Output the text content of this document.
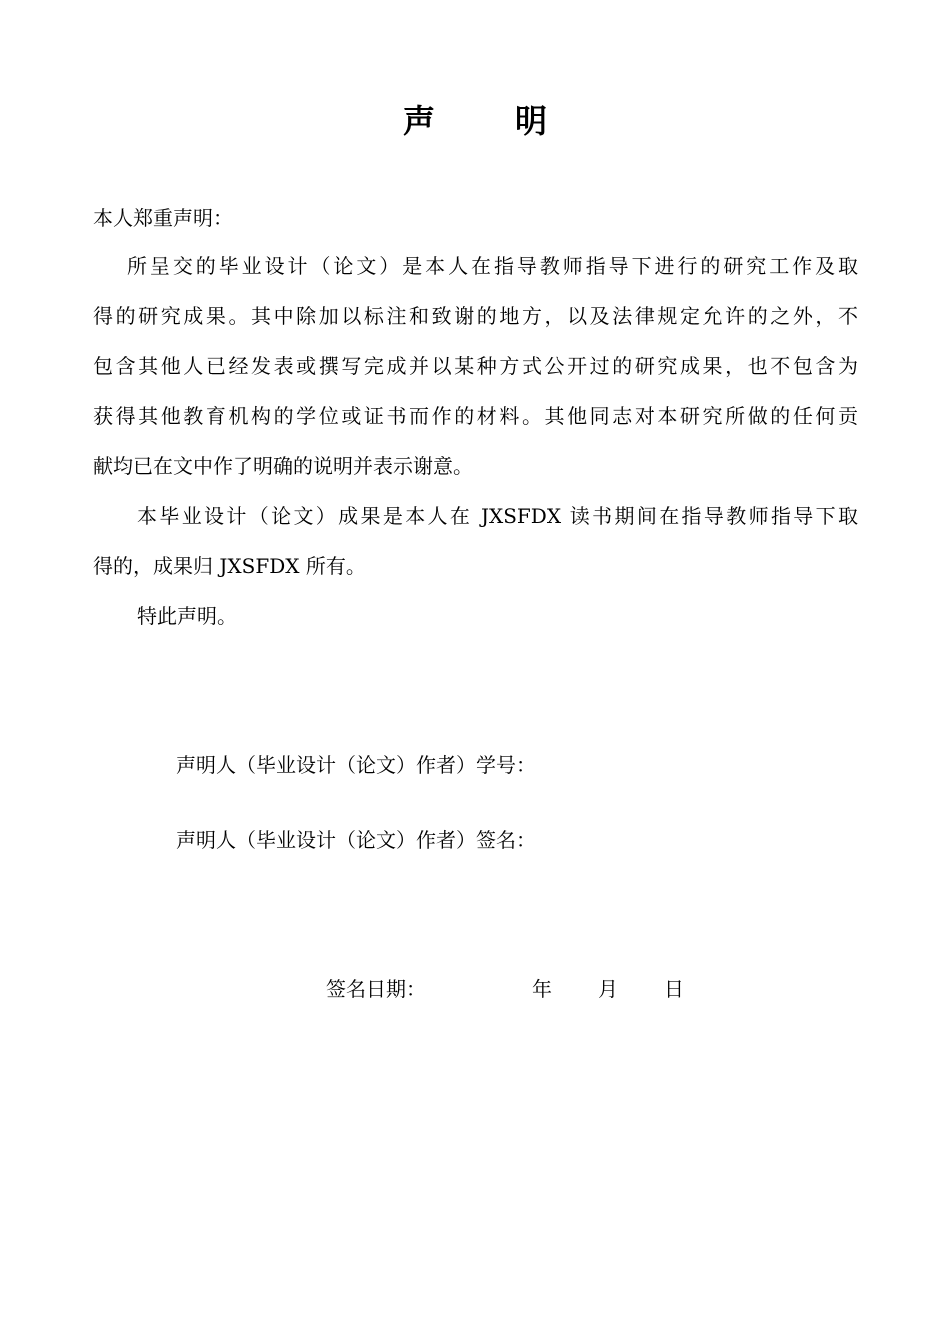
声	明
本人郑重声明：
所呈交的毕业设计（论文）是本人在指导教师指导下进行的研究工作及取
得的研究成果。其中除加以标注和致谢的地方，以及法律规定允许的之外，不
包含其他人已经发表或撰写完成并以某种方式公开过的研究成果，也不包含为
获得其他教育机构的学位或证书而作的材料。其他同志对本研究所做的任何贡
献均已在文中作了明确的说明并表示谢意。
本毕业设计（论文）成果是本人在 JXSFDX 读书期间在指导教师指导下取
得的，成果归 JXSFDX 所有。
特此声明。
声明人（毕业设计（论文）作者）学号：
声明人（毕业设计（论文）作者）签名：
签名日期：	年 月 日
